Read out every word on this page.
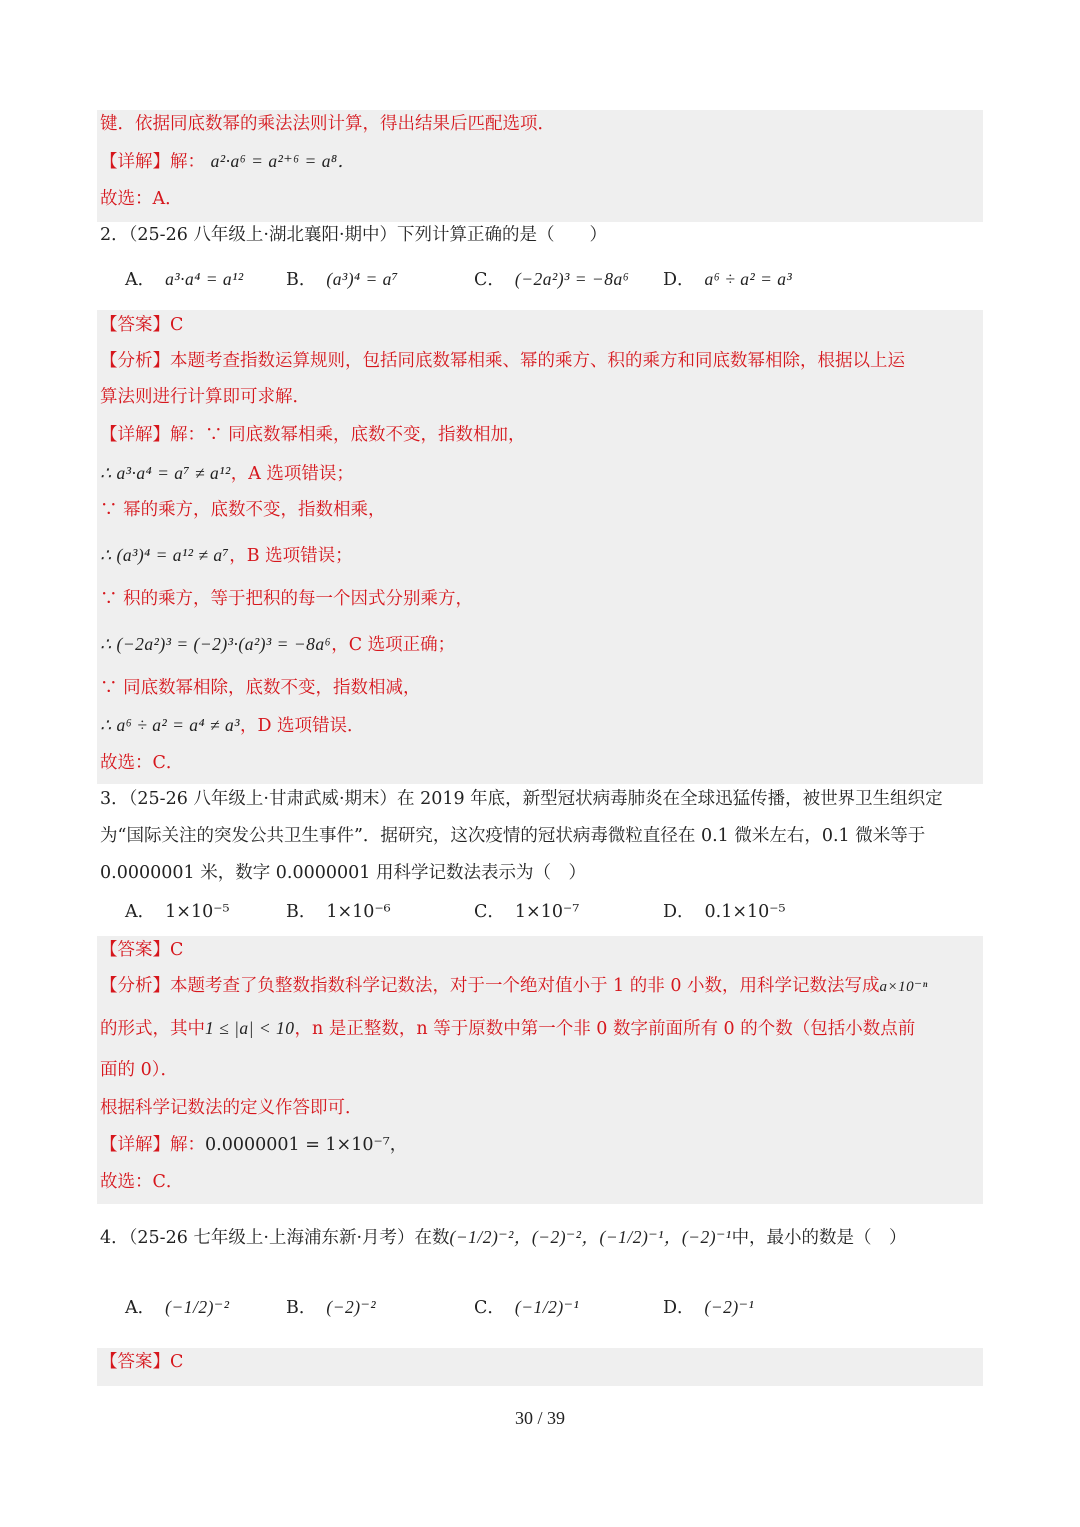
键．依据同底数幂的乘法法则计算，得出结果后匹配选项．
【详解】解： a²·a⁶ = a²⁺⁶ = a⁸．
故选：A．
2．（25-26 八年级上·湖北襄阳·期中）下列计算正确的是（　　）
A． a³·a⁴ = a¹² B． (a³)⁴ = a⁷	C． (−2a²)³ = −8a⁶ D． a⁶ ÷ a² = a³
【答案】C
【分析】本题考查指数运算规则，包括同底数幂相乘、幂的乘方、积的乘方和同底数幂相除，根据以上运
算法则进行计算即可求解．
【详解】解：∵ 同底数幂相乘，底数不变，指数相加，
∴ a³·a⁴ = a⁷ ≠ a¹²，A 选项错误；
∵ 幂的乘方，底数不变，指数相乘，
∴ (a³)⁴ = a¹² ≠ a⁷，B 选项错误；
∵ 积的乘方，等于把积的每一个因式分别乘方，
∴ (−2a²)³ = (−2)³·(a²)³ = −8a⁶，C 选项正确；
∵ 同底数幂相除，底数不变，指数相减，
∴ a⁶ ÷ a² = a⁴ ≠ a³，D 选项错误．
故选：C．
3．（25-26 八年级上·甘肃武威·期末）在 2019 年底，新型冠状病毒肺炎在全球迅猛传播，被世界卫生组织定
为“国际关注的突发公共卫生事件”．据研究，这次疫情的冠状病毒微粒直径在 0.1 微米左右，0.1 微米等于
0.0000001 米，数字 0.0000001 用科学记数法表示为（　）
A． 1×10⁻⁵	B． 1×10⁻⁶	C． 1×10⁻⁷	D． 0.1×10⁻⁵
【答案】C
【分析】本题考查了负整数指数科学记数法，对于一个绝对值小于 1 的非 0 小数，用科学记数法写成a×10⁻ⁿ
的形式，其中1 ≤ |a| < 10，n 是正整数，n 等于原数中第一个非 0 数字前面所有 0 的个数（包括小数点前
面的 0）．
根据科学记数法的定义作答即可．
【详解】解：0.0000001 = 1×10⁻⁷，
故选：C．
4．（25-26 七年级上·上海浦东新·月考）在数(−1/2)⁻²，(−2)⁻²，(−1/2)⁻¹，(−2)⁻¹中，最小的数是（　）
A． (−1/2)⁻²	B． (−2)⁻²	C． (−1/2)⁻¹	D． (−2)⁻¹
【答案】C
30 / 39
